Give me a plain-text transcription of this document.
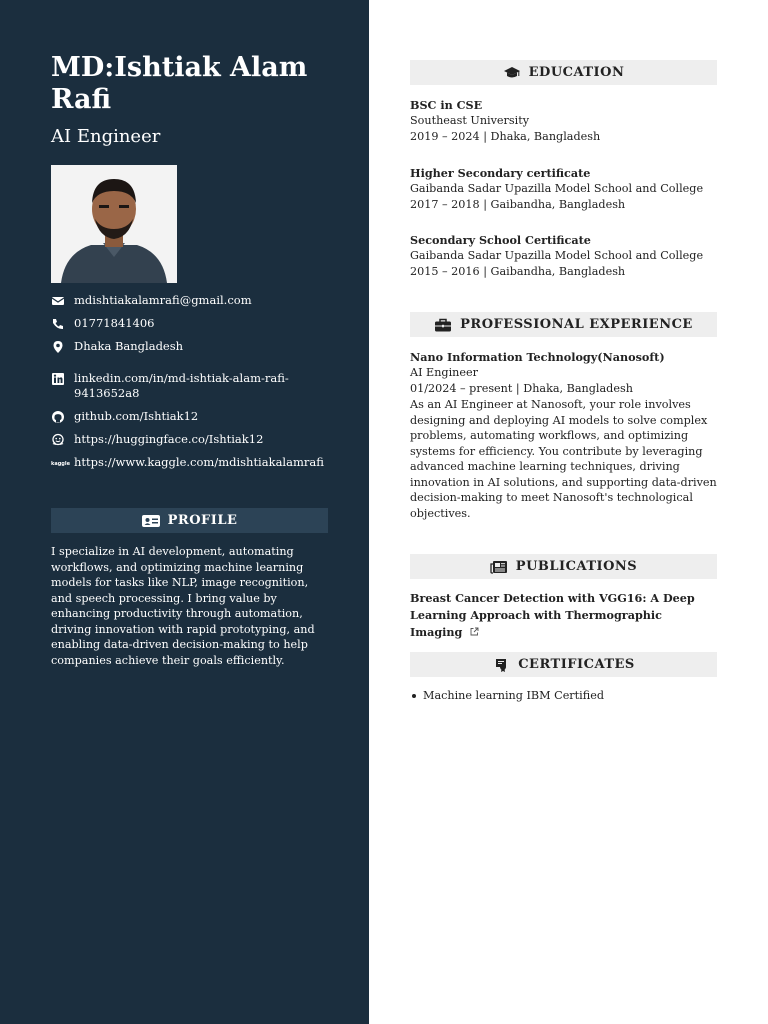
MD:Ishtiak Alam Rafi
AI Engineer
mdishtiakalamrafi@gmail.com
01771841406
Dhaka Bangladesh
linkedin.com/in/md-ishtiak-alam-rafi-9413652a8
github.com/Ishtiak12
https://huggingface.co/Ishtiak12
kaggle https://www.kaggle.com/mdishtiakalamrafi
PROFILE
I specialize in AI development, automating workflows, and optimizing machine learning models for tasks like NLP, image recognition, and speech processing. I bring value by enhancing productivity through automation, driving innovation with rapid prototyping, and enabling data-driven decision-making to help companies achieve their goals efficiently.
EDUCATION
BSC in CSE
Southeast University
2019 – 2024 | Dhaka, Bangladesh
Higher Secondary certificate
Gaibanda Sadar Upazilla Model School and College
2017 – 2018 | Gaibandha, Bangladesh
Secondary School Certificate
Gaibanda Sadar Upazilla Model School and College
2015 – 2016 | Gaibandha, Bangladesh
PROFESSIONAL EXPERIENCE
Nano Information Technology(Nanosoft)
AI Engineer
01/2024 – present | Dhaka, Bangladesh
As an AI Engineer at Nanosoft, your role involves designing and deploying AI models to solve complex problems, automating workflows, and optimizing systems for efficiency. You contribute by leveraging advanced machine learning techniques, driving innovation in AI solutions, and supporting data-driven decision-making to meet Nanosoft's technological objectives.
PUBLICATIONS
Breast Cancer Detection with VGG16: A Deep Learning Approach with Thermographic Imaging
CERTIFICATES
Machine learning IBM Certified
